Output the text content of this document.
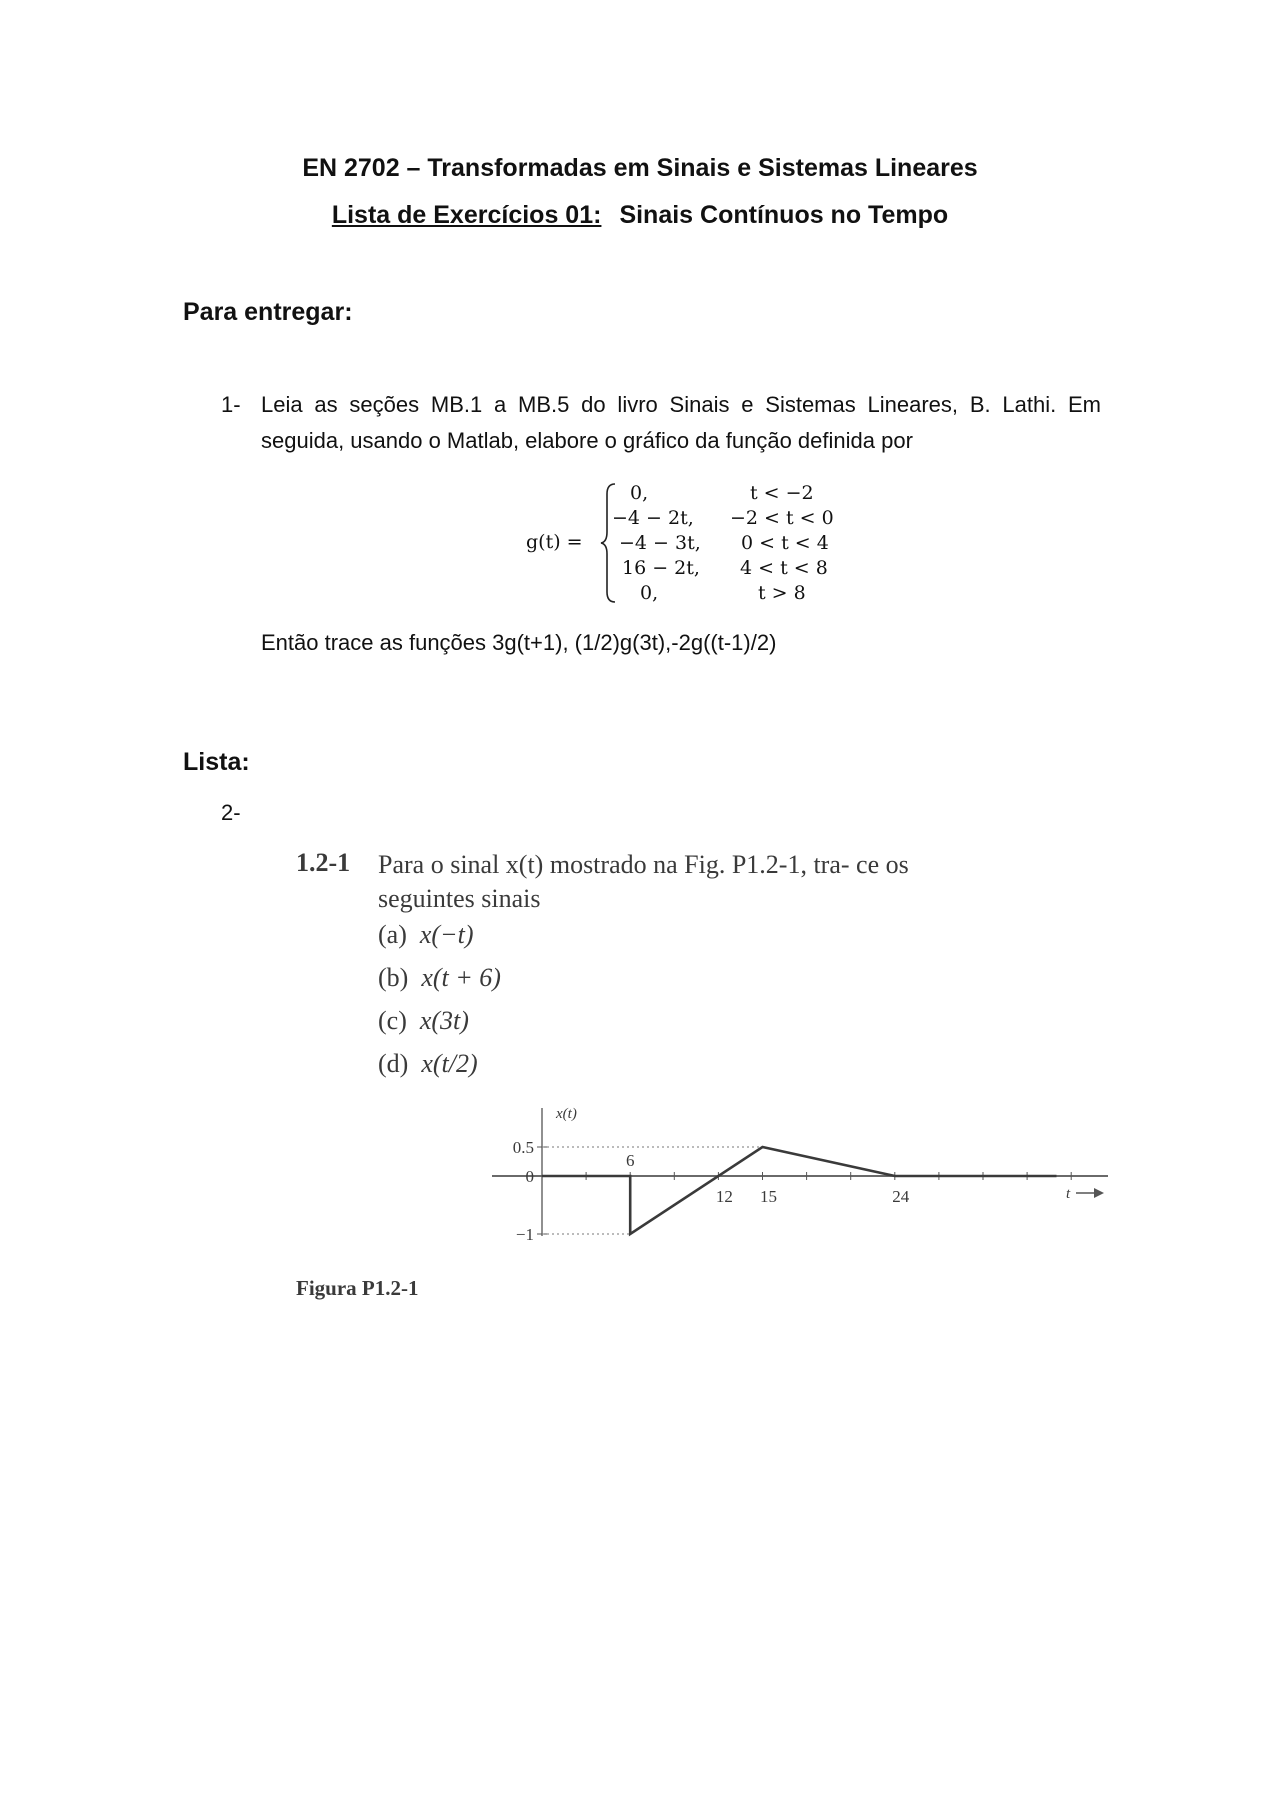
EN 2702 – Transformadas em Sinais e Sistemas Lineares
Lista de Exercícios 01: Sinais Contínuos no Tempo
Para entregar:
1- Leia as seções MB.1 a MB.5 do livro Sinais e Sistemas Lineares, B. Lathi. Em seguida, usando o Matlab, elabore o gráfico da função definida por
g(t) =
0,	t < −2
−4 − 2t, −2 < t < 0
−4 − 3t, 0 < t < 4
16 − 2t, 4 < t < 8
0,	t > 8
Então trace as funções 3g(t+1), (1/2)g(3t),-2g((t-1)/2)
Lista:
2-
1.2-1 Para o sinal x(t) mostrado na Fig. P1.2-1, tra- ce os seguintes sinais
(a) x(−t)
(b) x(t + 6)
(c) x(3t)
(d) x(t/2)
0.5
0
−1
6
12 15	24
x(t)
t
Figura P1.2-1
